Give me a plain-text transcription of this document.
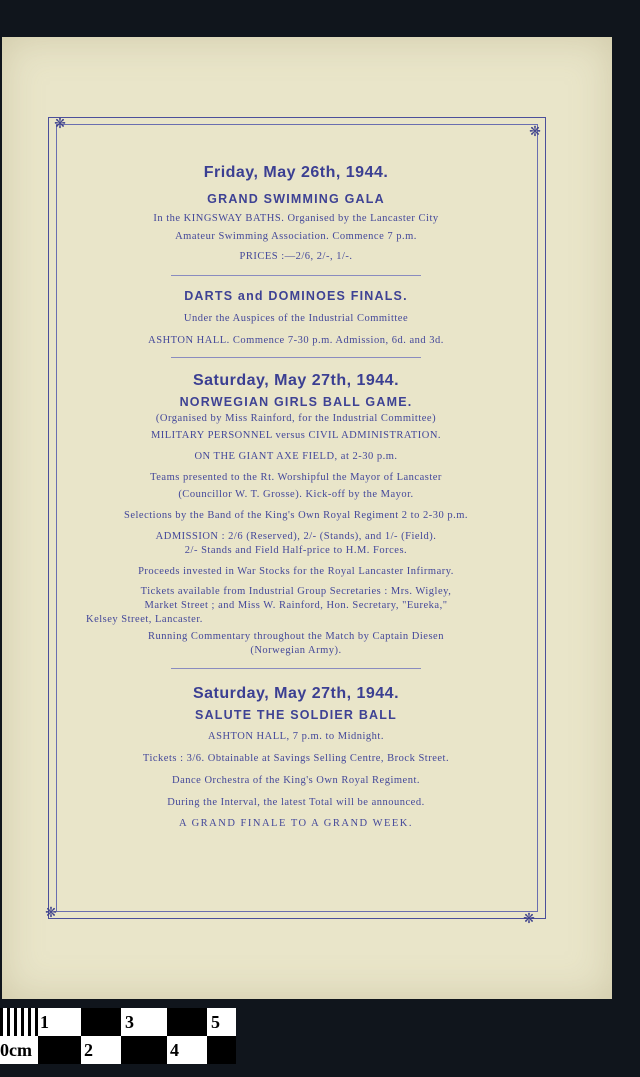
❋	❋
❋	❋

Friday, May 26th, 1944.

GRAND SWIMMING GALA

In the KINGSWAY BATHS. Organised by the Lancaster City

Amateur Swimming Association. Commence 7 p.m.

PRICES :—2/6, 2/-, 1/-.

DARTS and DOMINOES FINALS.

Under the Auspices of the Industrial Committee

ASHTON HALL. Commence 7-30 p.m. Admission, 6d. and 3d.

Saturday, May 27th, 1944.

NORWEGIAN GIRLS BALL GAME.

(Organised by Miss Rainford, for the Industrial Committee)

MILITARY PERSONNEL versus CIVIL ADMINISTRATION.

ON THE GIANT AXE FIELD, at 2-30 p.m.

Teams presented to the Rt. Worshipful the Mayor of Lancaster

(Councillor W. T. Grosse). Kick-off by the Mayor.

Selections by the Band of the King's Own Royal Regiment 2 to 2-30 p.m.

ADMISSION : 2/6 (Reserved), 2/- (Stands), and 1/- (Field).

2/- Stands and Field Half-price to H.M. Forces.

Proceeds invested in War Stocks for the Royal Lancaster Infirmary.

Tickets available from Industrial Group Secretaries : Mrs. Wigley,

Market Street ; and Miss W. Rainford, Hon. Secretary, "Eureka,"

Kelsey Street, Lancaster.

Running Commentary throughout the Match by Captain Diesen

(Norwegian Army).

Saturday, May 27th, 1944.

SALUTE THE SOLDIER BALL

ASHTON HALL, 7 p.m. to Midnight.

Tickets : 3/6. Obtainable at Savings Selling Centre, Brock Street.

Dance Orchestra of the King's Own Royal Regiment.

During the Interval, the latest Total will be announced.

A GRAND FINALE TO A GRAND WEEK.

1	3	5
0cm	2	4
